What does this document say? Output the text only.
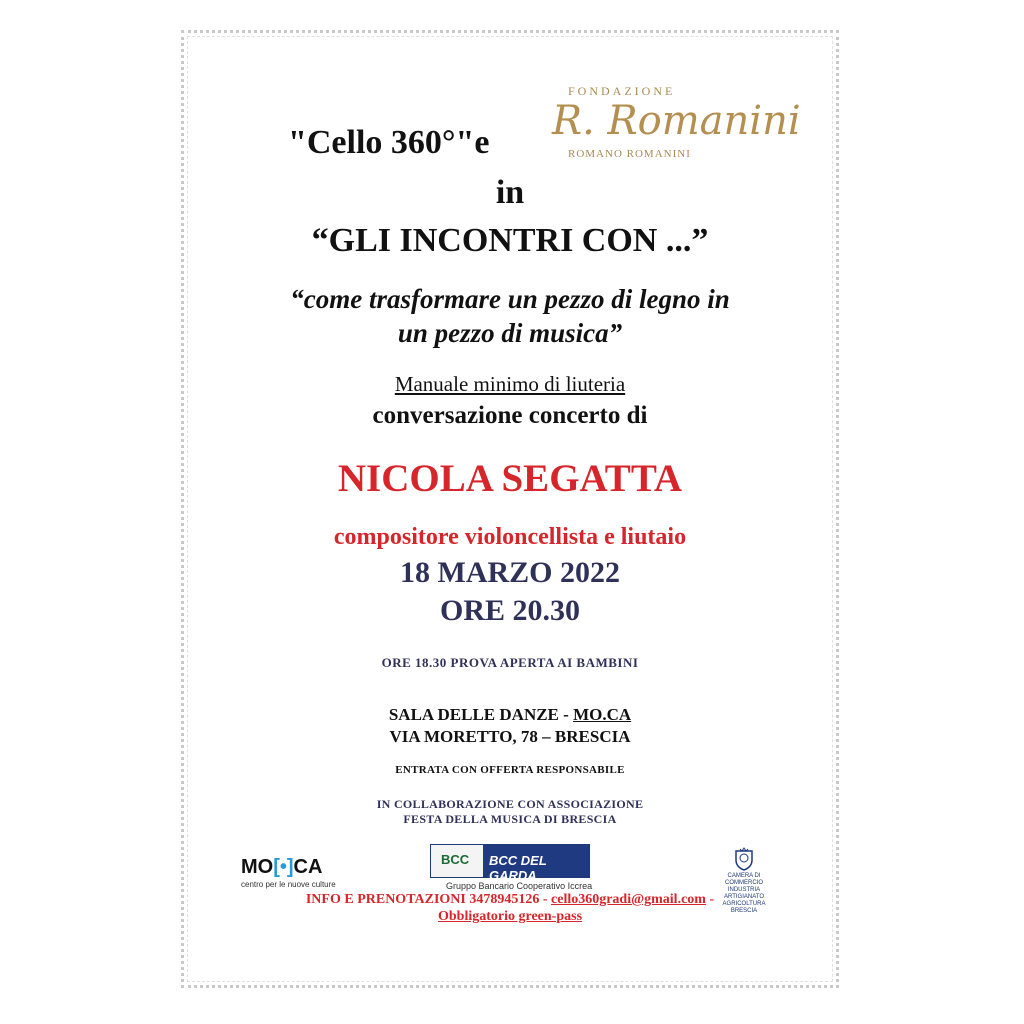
FONDAZIONE
R. Romanini
ROMANO ROMANINI
"Cello 360°"e
in
“GLI INCONTRI CON ...”
“come trasformare un pezzo di legno in
un pezzo di musica”
Manuale minimo di liuteria
conversazione concerto di
NICOLA SEGATTA
compositore violoncellista e liutaio
18 MARZO 2022
ORE 20.30
ORE 18.30 PROVA APERTA AI BAMBINI
SALA DELLE DANZE - MO.CA
VIA MORETTO, 78 – BRESCIA
ENTRATA CON OFFERTA RESPONSABILE
IN COLLABORAZIONE CON ASSOCIAZIONE
FESTA DELLA MUSICA DI BRESCIA
MO[•]CA
centro per le nuove culture
BCC BCC DEL GARDA
Gruppo Bancario Cooperativo Iccrea
CAMERA DI COMMERCIO
INDUSTRIA ARTIGIANATO AGRICOLTURA
BRESCIA
INFO E PRENOTAZIONI 3478945126 - cello360gradi@gmail.com -
Obbligatorio green-pass
